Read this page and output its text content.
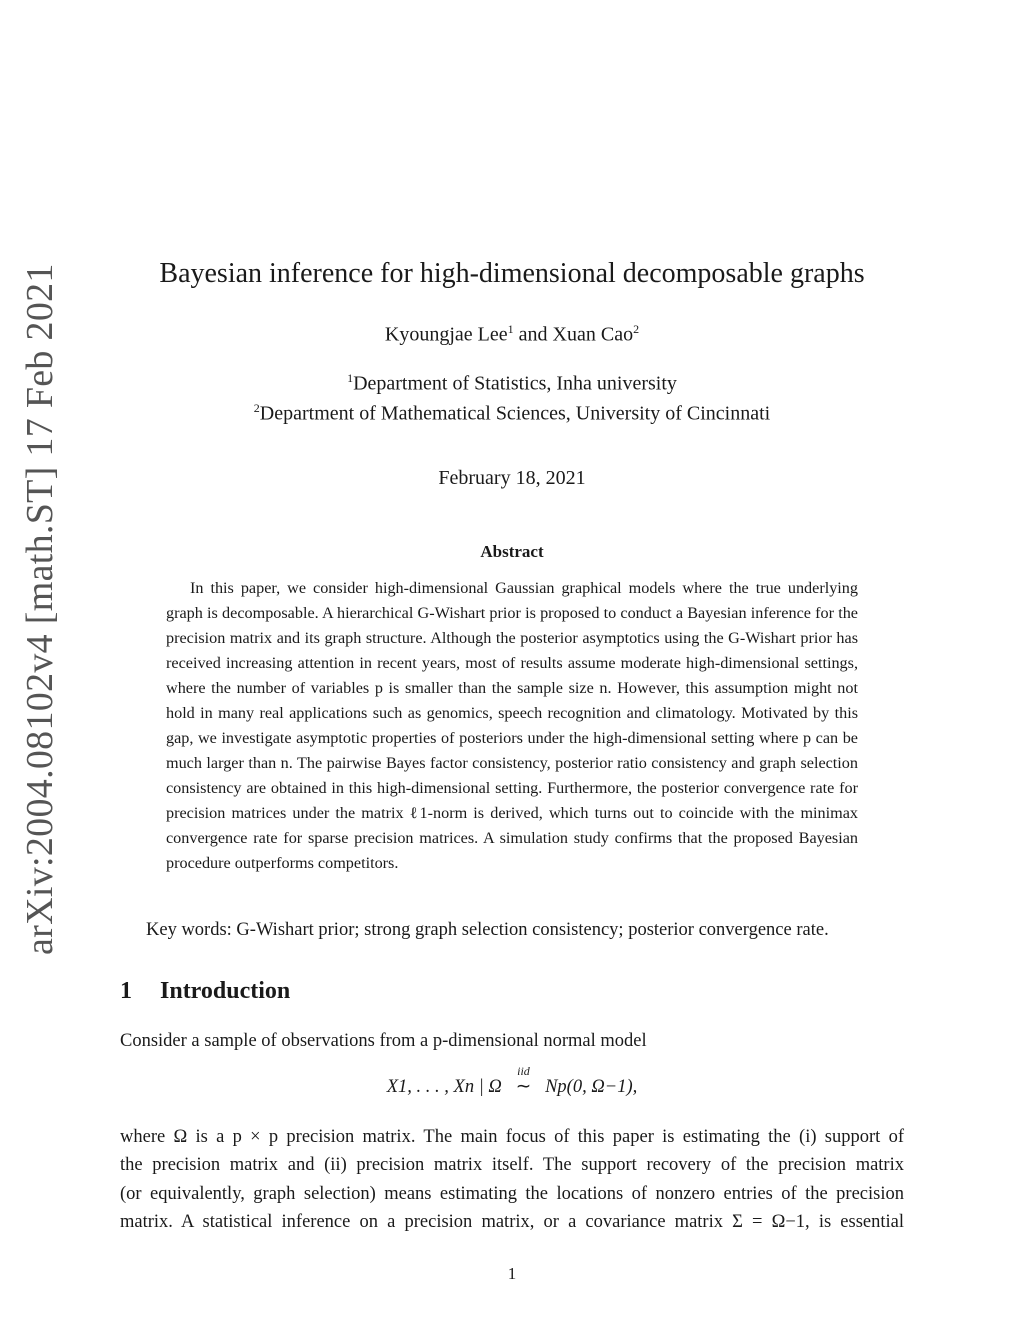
arXiv:2004.08102v4 [math.ST] 17 Feb 2021	Bayesian inference for high-dimensional decomposable graphs
Kyoungjae Lee$^1$ and Xuan Cao$^2$
$^1$Department of Statistics, Inha university
$^2$Department of Mathematical Sciences, University of Cincinnati
February 18, 2021
Abstract
In this paper, we consider high-dimensional Gaussian graphical models where the true underlying graph is decomposable. A hierarchical G-Wishart prior is proposed to conduct a Bayesian inference for the precision matrix and its graph structure. Although the posterior asymptotics using the G-Wishart prior has received increasing attention in recent years, most of results assume moderate high-dimensional settings, where the number of variables p is smaller than the sample size n. However, this assumption might not hold in many real applications such as genomics, speech recognition and climatology. Motivated by this gap, we investigate asymptotic properties of posteriors under the high-dimensional setting where p can be much larger than n. The pairwise Bayes factor consistency, posterior ratio consistency and graph selection consistency are obtained in this high-dimensional setting. Furthermore, the posterior convergence rate for precision matrices under the matrix ℓ1-norm is derived, which turns out to coincide with the minimax convergence rate for sparse precision matrices. A simulation study confirms that the proposed Bayesian procedure outperforms competitors.
Key words: G-Wishart prior; strong graph selection consistency; posterior convergence rate.
1 Introduction
Consider a sample of observations from a p-dimensional normal model
X1, . . . , Xn | Ω
iid
∼ Np(0, Ω−1),
where Ω is a p × p precision matrix. The main focus of this paper is estimating the (i) support of
the precision matrix and (ii) precision matrix itself. The support recovery of the precision matrix
(or equivalently, graph selection) means estimating the locations of nonzero entries of the precision
matrix. A statistical inference on a precision matrix, or a covariance matrix Σ = Ω−1, is essential
1
